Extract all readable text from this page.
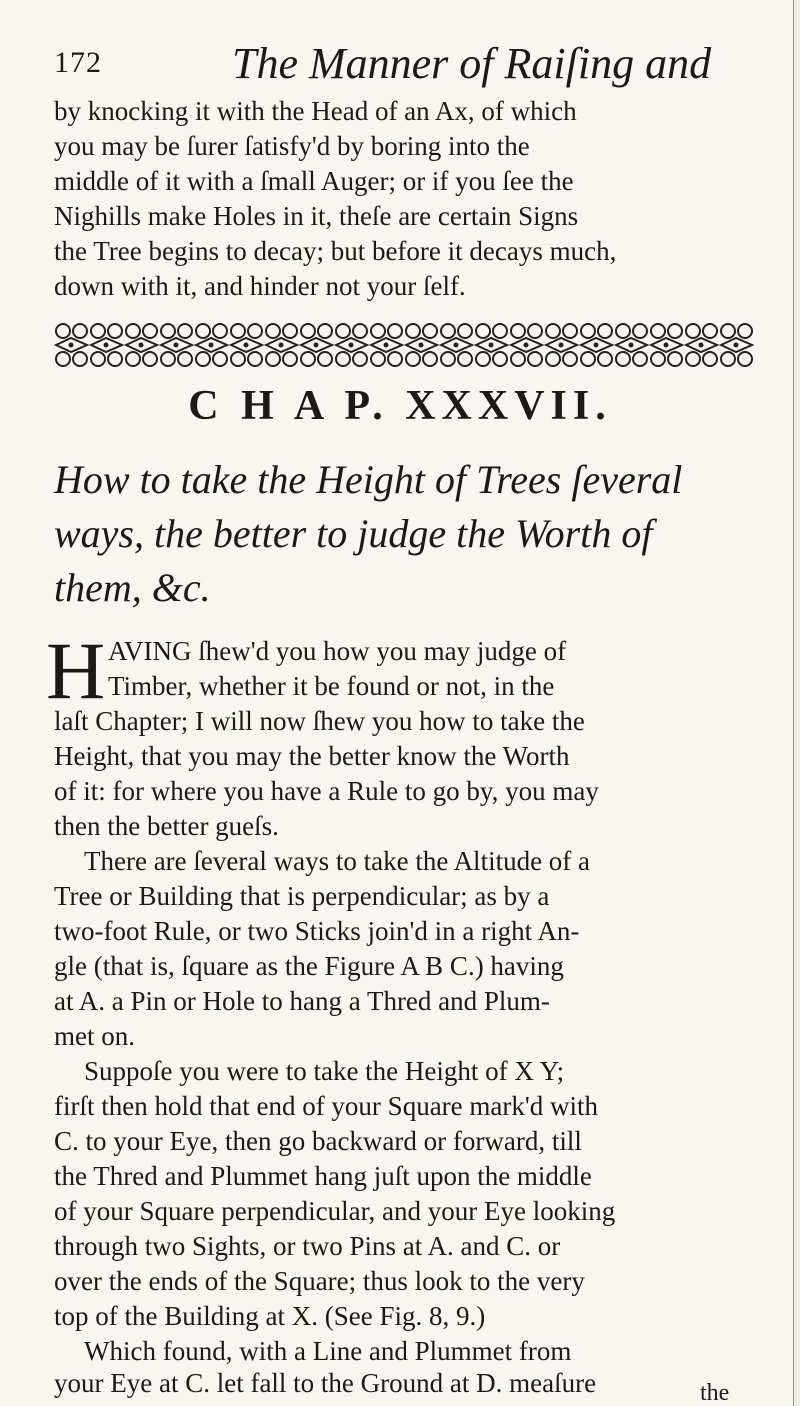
172	The Manner of Raiſing and
by knocking it with the Head of an Ax, of which
you may be ſurer ſatisfy'd by boring into the
middle of it with a ſmall Auger; or if you ſee the
Nighills make Holes in it, theſe are certain Signs
the Tree begins to decay; but before it decays much,
down with it, and hinder not your ſelf.
C H A P. XXXVII.
How to take the Height of Trees ſeveral
ways, the better to judge the Worth of
them, &c.
H AVING ſhew'd you how you may judge of
Timber, whether it be found or not, in the
laſt Chapter; I will now ſhew you how to take the
Height, that you may the better know the Worth
of it: for where you have a Rule to go by, you may
then the better gueſs.
There are ſeveral ways to take the Altitude of a
Tree or Building that is perpendicular; as by a
two-foot Rule, or two Sticks join'd in a right An-
gle (that is, ſquare as the Figure A B C.) having
at A. a Pin or Hole to hang a Thred and Plum-
met on.
Suppoſe you were to take the Height of X Y;
firſt then hold that end of your Square mark'd with
C. to your Eye, then go backward or forward, till
the Thred and Plummet hang juſt upon the middle
of your Square perpendicular, and your Eye looking
through two Sights, or two Pins at A. and C. or
over the ends of the Square; thus look to the very
top of the Building at X. (See Fig. 8, 9.)
Which found, with a Line and Plummet from
your Eye at C. let fall to the Ground at D. meaſure	the
